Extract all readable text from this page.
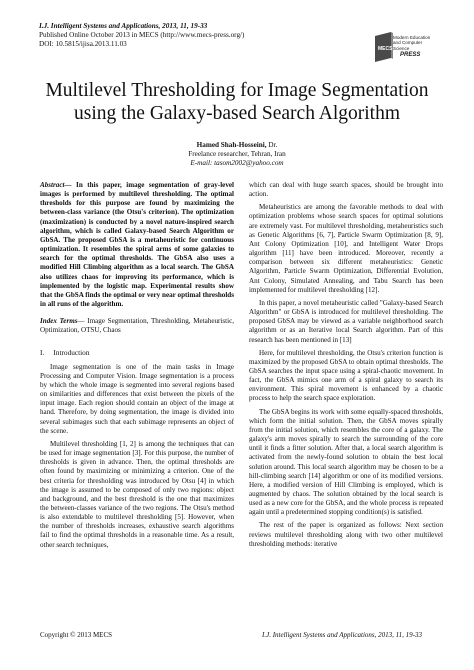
I.J. Intelligent Systems and Applications, 2013, 11, 19-33
Published Online October 2013 in MECS (http://www.mecs-press.org/)
DOI: 10.5815/ijisa.2013.11.03
MECS
Modern Education and Computer Science
PRESS
Multilevel Thresholding for Image Segmentation using the Galaxy-based Search Algorithm
Hamed Shah-Hosseini, Dr.
Freelance researcher, Tehran, Iran
E-mail: tasom2002@yahoo.com

Abstract— In this paper, image segmentation of gray-level images is performed by multilevel thresholding. The optimal thresholds for this purpose are found by maximizing the between-class variance (the Otsu's criterion). The optimization (maximization) is conducted by a novel nature-inspired search algorithm, which is called Galaxy-based Search Algorithm or GbSA. The proposed GbSA is a metaheuristic for continuous optimization. It resembles the spiral arms of some galaxies to search for the optimal thresholds. The GbSA also uses a modified Hill Climbing algorithm as a local search. The GbSA also utilizes chaos for improving its performance, which is implemented by the logistic map. Experimental results show that the GbSA finds the optimal or very near optimal thresholds in all runs of the algorithm.

Index Terms— Image Segmentation, Thresholding, Metaheuristic, Optimization, OTSU, Chaos

I. Introduction

Image segmentation is one of the main tasks in Image Processing and Computer Vision. Image segmentation is a process by which the whole image is segmented into several regions based on similarities and differences that exist between the pixels of the input image. Each region should contain an object of the image at hand. Therefore, by doing segmentation, the image is divided into several subimages such that each subimage represents an object of the scene.

Multilevel thresholding [1, 2] is among the techniques that can be used for image segmentation [3]. For this purpose, the number of thresholds is given in advance. Then, the optimal thresholds are often found by maximizing or minimizing a criterion. One of the best criteria for thresholding was introduced by Otsu [4] in which the image is assumed to be composed of only two regions: object and background, and the best threshold is the one that maximizes the between-classes variance of the two regions. The Otsu's method is also extendable to multilevel thresholding [5]. However, when the number of thresholds increases, exhaustive search algorithms fail to find the optimal thresholds in a reasonable time. As a result, other search techniques,

which can deal with huge search spaces, should be brought into action.

Metaheuristics are among the favorable methods to deal with optimization problems whose search spaces for optimal solutions are extremely vast. For multilevel thresholding, metaheuristics such as Genetic Algorithms [6, 7], Particle Swarm Optimization [8, 9], Ant Colony Optimization [10], and Intelligent Water Drops algorithm [11] have been introduced. Moreover, recently a comparison between six different metaheuristics: Genetic Algorithm, Particle Swarm Optimization, Differential Evolution, Ant Colony, Simulated Annealing, and Tabu Search has been implemented for multilevel thresholding [12].

In this paper, a novel metaheuristic called "Galaxy-based Search Algorithm" or GbSA is introduced for multilevel thresholding. The proposed GbSA may be viewed as a variable neighborhood search algorithm or as an Iterative local Search algorithm. Part of this research has been mentioned in [13]

Here, for multilevel thresholding, the Otsu's criterion function is maximized by the proposed GbSA to obtain optimal thresholds. The GbSA searches the input space using a spiral-chaotic movement. In fact, the GbSA mimics one arm of a spiral galaxy to search its environment. This spiral movement is enhanced by a chaotic process to help the search space exploration.

The GbSA begins its work with some equally-spaced thresholds, which form the initial solution. Then, the GbSA moves spirally from the initial solution, which resembles the core of a galaxy. The galaxy's arm moves spirally to search the surrounding of the core until it finds a fitter solution. After that, a local search algorithm is activated from the newly-found solution to obtain the best local solution around. This local search algorithm may be chosen to be a hill-climbing search [14] algorithm or one of its modified versions. Here, a modified version of Hill Climbing is employed, which is augmented by chaos. The solution obtained by the local search is used as a new core for the GbSA, and the whole process is repeated again until a predetermined stopping condition(s) is satisfied.

The rest of the paper is organized as follows: Next section reviews multilevel thresholding along with two other multilevel thresholding methods: iterative

Copyright © 2013 MECS	I.J. Intelligent Systems and Applications, 2013, 11, 19-33
